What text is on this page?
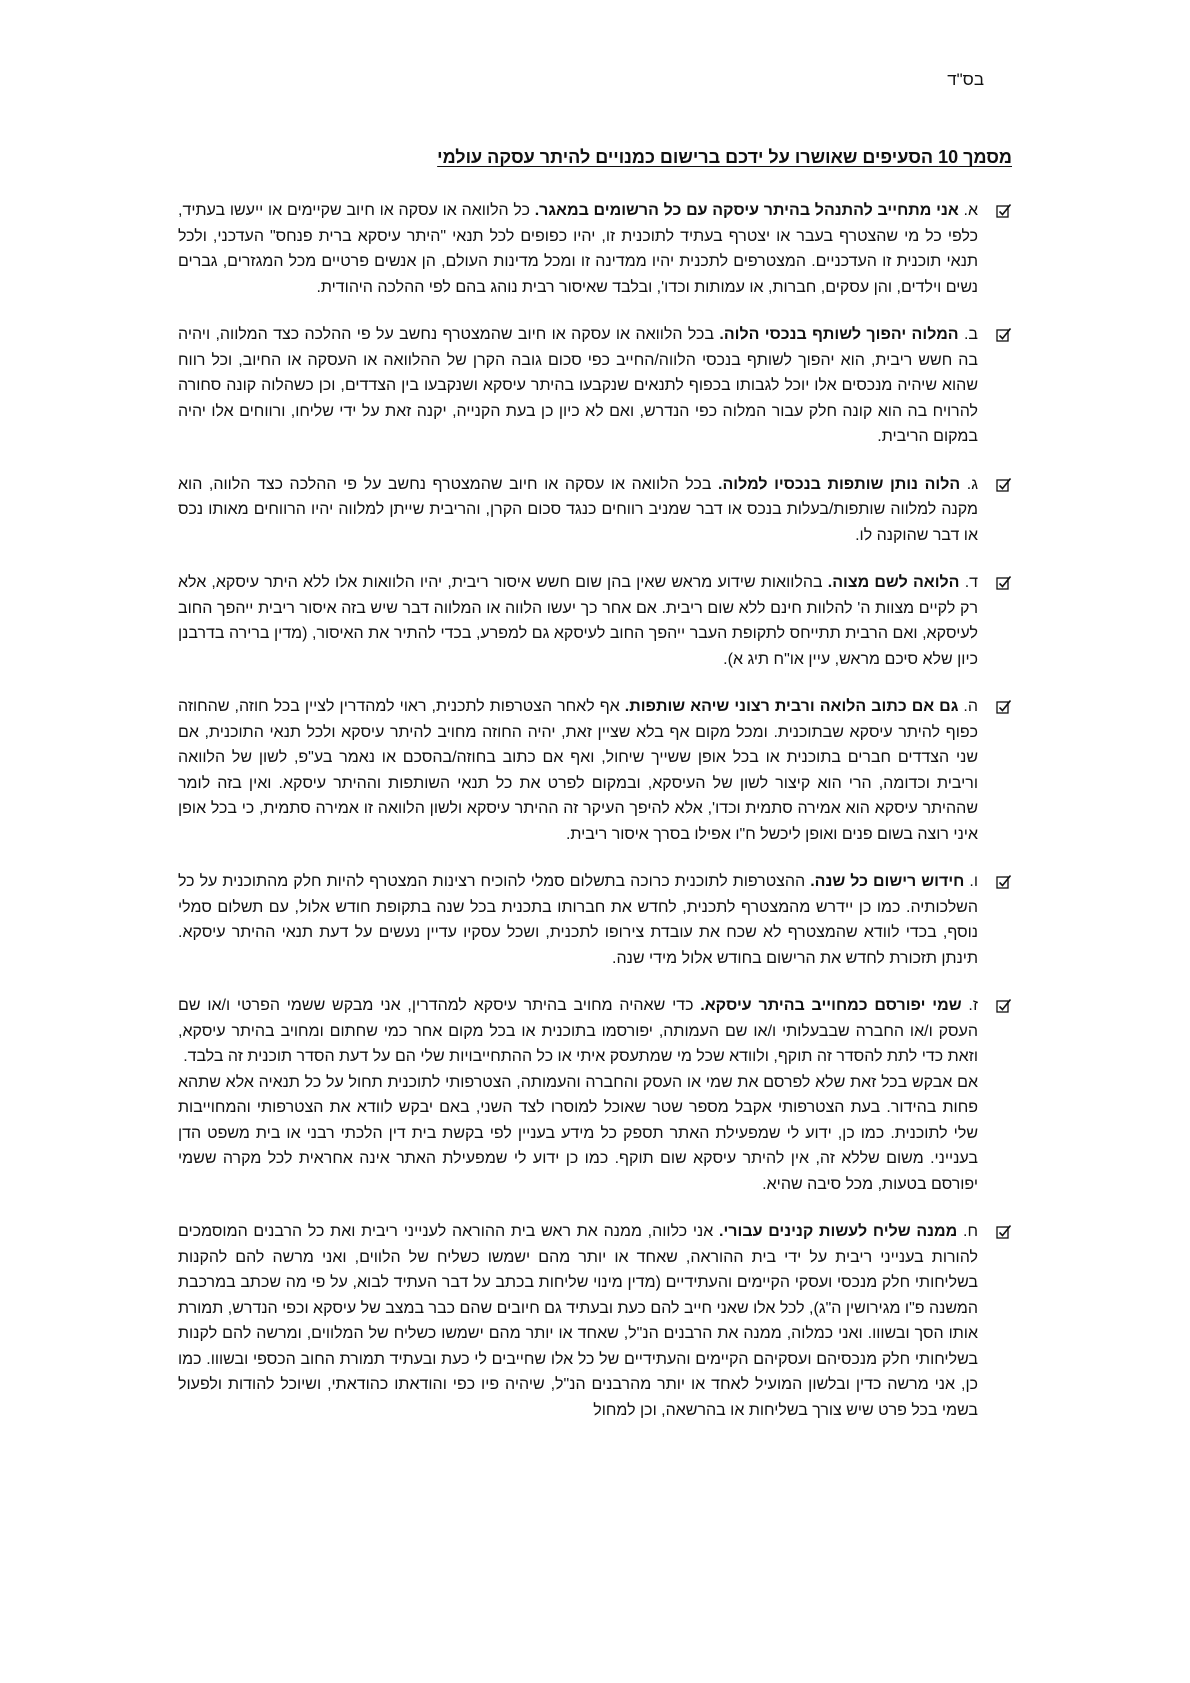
בס"ד
מסמך 10 הסעיפים שאושרו על ידכם ברישום כמנויים להיתר עסקה עולמי

א. אני מתחייב להתנהל בהיתר עיסקה עם כל הרשומים במאגר. כל הלוואה או עסקה או חיוב שקיימים או ייעשו בעתיד, כלפי כל מי שהצטרף בעבר או יצטרף בעתיד לתוכנית זו, יהיו כפופים לכל תנאי "היתר עיסקא ברית פנחס" העדכני, ולכל תנאי תוכנית זו העדכניים. המצטרפים לתכנית יהיו ממדינה זו ומכל מדינות העולם, הן אנשים פרטיים מכל המגזרים, גברים נשים וילדים, והן עסקים, חברות, או עמותות וכדו', ובלבד שאיסור רבית נוהג בהם לפי ההלכה היהודית.

ב. המלוה יהפוך לשותף בנכסי הלוה. בכל הלוואה או עסקה או חיוב שהמצטרף נחשב על פי ההלכה כצד המלווה, ויהיה בה חשש ריבית, הוא יהפוך לשותף בנכסי הלווה/החייב כפי סכום גובה הקרן של ההלוואה או העסקה או החיוב, וכל רווח שהוא שיהיה מנכסים אלו יוכל לגבותו בכפוף לתנאים שנקבעו בהיתר עיסקא ושנקבעו בין הצדדים, וכן כשהלוה קונה סחורה להרויח בה הוא קונה חלק עבור המלוה כפי הנדרש, ואם לא כיון כן בעת הקנייה, יקנה זאת על ידי שליחו, ורווחים אלו יהיה במקום הריבית.

ג. הלוה נותן שותפות בנכסיו למלוה. בכל הלוואה או עסקה או חיוב שהמצטרף נחשב על פי ההלכה כצד הלווה, הוא מקנה למלווה שותפות/בעלות בנכס או דבר שמניב רווחים כנגד סכום הקרן, והריבית שייתן למלווה יהיו הרווחים מאותו נכס או דבר שהוקנה לו.

ד. הלואה לשם מצוה. בהלוואות שידוע מראש שאין בהן שום חשש איסור ריבית, יהיו הלוואות אלו ללא היתר עיסקא, אלא רק לקיים מצוות ה' להלוות חינם ללא שום ריבית. אם אחר כך יעשו הלווה או המלווה דבר שיש בזה איסור ריבית ייהפך החוב לעיסקא, ואם הרבית תתייחס לתקופת העבר ייהפך החוב לעיסקא גם למפרע, בכדי להתיר את האיסור, (מדין ברירה בדרבנן כיון שלא סיכם מראש, עיין או"ח תיג א).

ה. גם אם כתוב הלואה ורבית רצוני שיהא שותפות. אף לאחר הצטרפות לתכנית, ראוי למהדרין לציין בכל חוזה, שהחוזה כפוף להיתר עיסקא שבתוכנית. ומכל מקום אף בלא שציין זאת, יהיה החוזה מחויב להיתר עיסקא ולכל תנאי התוכנית, אם שני הצדדים חברים בתוכנית או בכל אופן ששייך שיחול, ואף אם כתוב בחוזה/בהסכם או נאמר בע"פ, לשון של הלוואה וריבית וכדומה, הרי הוא קיצור לשון של העיסקא, ובמקום לפרט את כל תנאי השותפות וההיתר עיסקא. ואין בזה לומר שההיתר עיסקא הוא אמירה סתמית וכדו', אלא להיפך העיקר זה ההיתר עיסקא ולשון הלוואה זו אמירה סתמית, כי בכל אופן איני רוצה בשום פנים ואופן ליכשל ח"ו אפילו בסרך איסור ריבית.

ו. חידוש רישום כל שנה. ההצטרפות לתוכנית כרוכה בתשלום סמלי להוכיח רצינות המצטרף להיות חלק מהתוכנית על כל השלכותיה. כמו כן יידרש מהמצטרף לתכנית, לחדש את חברותו בתכנית בכל שנה בתקופת חודש אלול, עם תשלום סמלי נוסף, בכדי לוודא שהמצטרף לא שכח את עובדת צירופו לתכנית, ושכל עסקיו עדיין נעשים על דעת תנאי ההיתר עיסקא. תינתן תזכורת לחדש את הרישום בחודש אלול מידי שנה.

ז. שמי יפורסם כמחוייב בהיתר עיסקא. כדי שאהיה מחויב בהיתר עיסקא למהדרין, אני מבקש ששמי הפרטי ו/או שם העסק ו/או החברה שבבעלותי ו/או שם העמותה, יפורסמו בתוכנית או בכל מקום אחר כמי שחתום ומחויב בהיתר עיסקא, וזאת כדי לתת להסדר זה תוקף, ולוודא שכל מי שמתעסק איתי או כל ההתחייבויות שלי הם על דעת הסדר תוכנית זה בלבד.

אם אבקש בכל זאת שלא לפרסם את שמי או העסק והחברה והעמותה, הצטרפותי לתוכנית תחול על כל תנאיה אלא שתהא פחות בהידור. בעת הצטרפותי אקבל מספר שטר שאוכל למוסרו לצד השני, באם יבקש לוודא את הצטרפותי והמחוייבות שלי לתוכנית. כמו כן, ידוע לי שמפעילת האתר תספק כל מידע בעניין לפי בקשת בית דין הלכתי רבני או בית משפט הדן בענייני. משום שללא זה, אין להיתר עיסקא שום תוקף. כמו כן ידוע לי שמפעילת האתר אינה אחראית לכל מקרה ששמי יפורסם בטעות, מכל סיבה שהיא.

ח. ממנה שליח לעשות קנינים עבורי. אני כלווה, ממנה את ראש בית ההוראה לענייני ריבית ואת כל הרבנים המוסמכים להורות בענייני ריבית על ידי בית ההוראה, שאחד או יותר מהם ישמשו כשליח של הלווים, ואני מרשה להם להקנות בשליחותי חלק מנכסי ועסקי הקיימים והעתידיים (מדין מינוי שליחות בכתב על דבר העתיד לבוא, על פי מה שכתב במרכבת המשנה פ"ו מגירושין ה"ג), לכל אלו שאני חייב להם כעת ובעתיד גם חיובים שהם כבר במצב של עיסקא וכפי הנדרש, תמורת אותו הסך ובשווו. ואני כמלוה, ממנה את הרבנים הנ"ל, שאחד או יותר מהם ישמשו כשליח של המלווים, ומרשה להם לקנות בשליחותי חלק מנכסיהם ועסקיהם הקיימים והעתידיים של כל אלו שחייבים לי כעת ובעתיד תמורת החוב הכספי ובשווו. כמו כן, אני מרשה כדין ובלשון המועיל לאחד או יותר מהרבנים הנ"ל, שיהיה פיו כפי והודאתו כהודאתי, ושיוכל להודות ולפעול בשמי בכל פרט שיש צורך בשליחות או בהרשאה, וכן למחול
